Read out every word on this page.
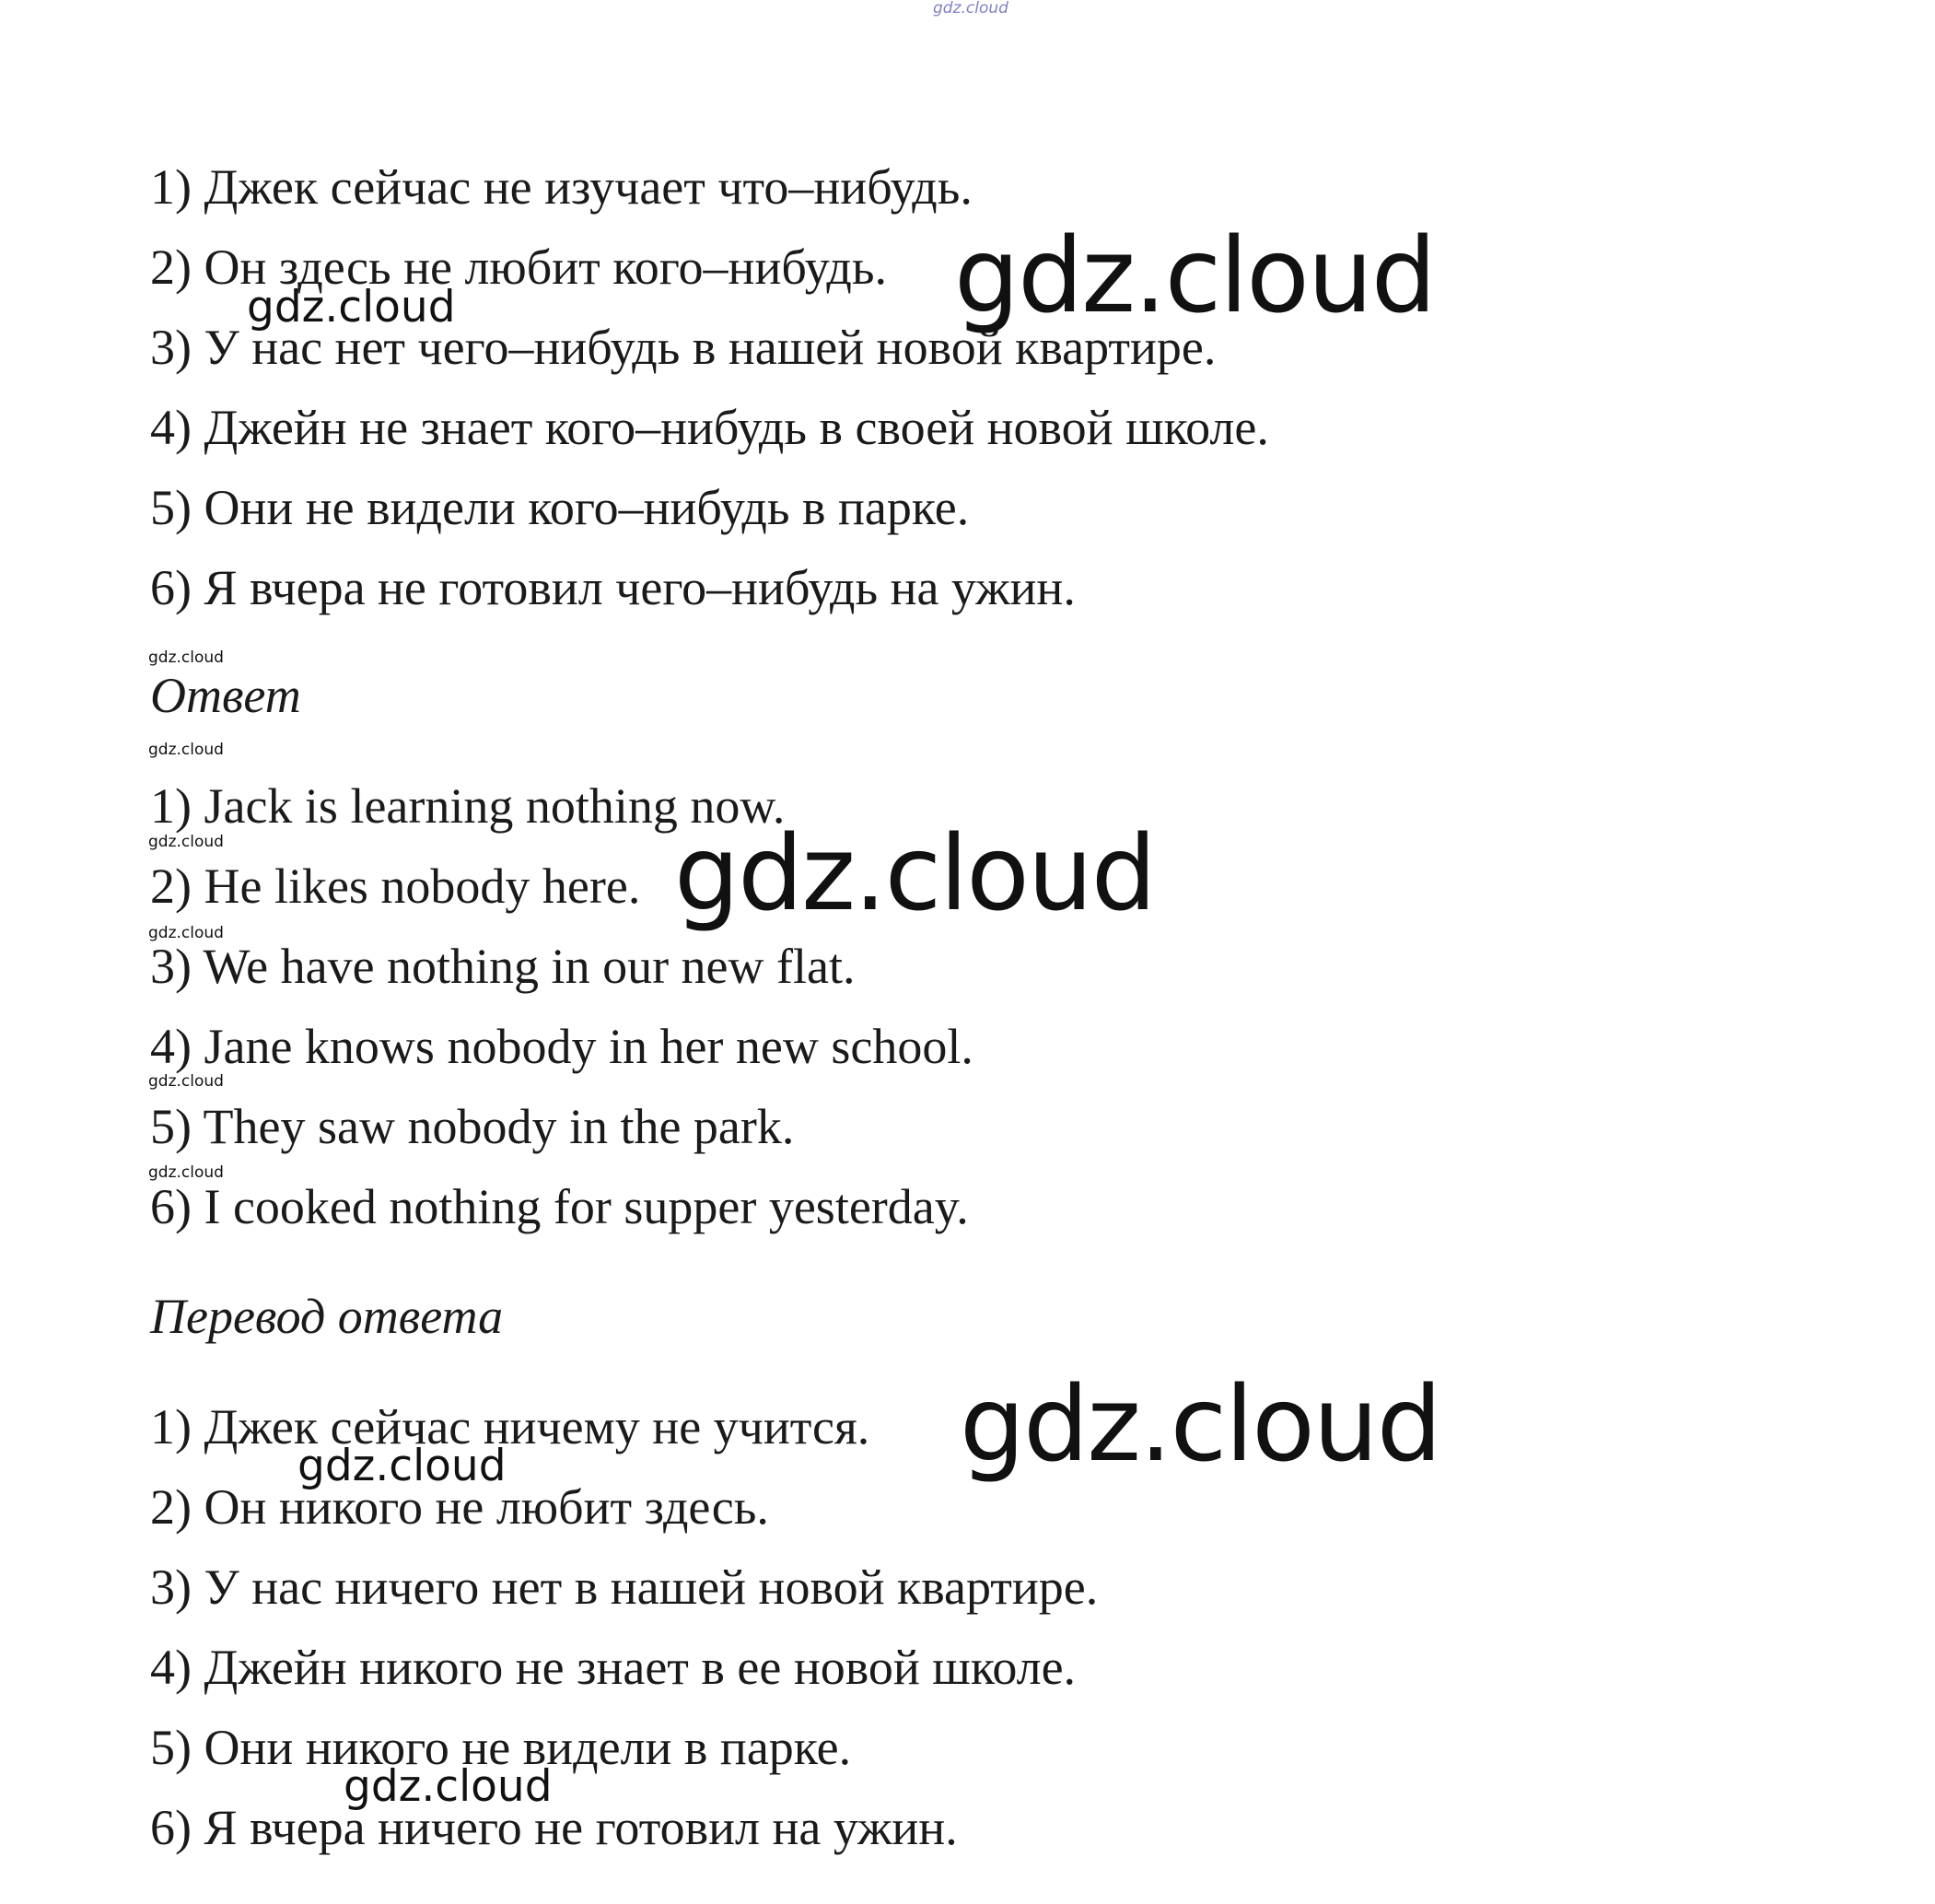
gdz.cloud
1) Джек сейчас не изучает что–нибудь.
2) Он здесь не любит кого–нибудь.
3) У нас нет чего–нибудь в нашей новой квартире.
4) Джейн не знает кого–нибудь в своей новой школе.
5) Они не видели кого–нибудь в парке.
6) Я вчера не готовил чего–нибудь на ужин.
gdz.cloud
gdz.cloud
gdz.cloud
Ответ
gdz.cloud
1) Jack is learning nothing now.
2) He likes nobody here.
3) We have nothing in our new flat.
4) Jane knows nobody in her new school.
5) They saw nobody in the park.
6) I cooked nothing for supper yesterday.
gdz.cloud	gdz.cloud
gdz.cloud
gdz.cloud
gdz.cloud
Перевод ответа
1) Джек сейчас ничему не учится.
2) Он никого не любит здесь.
3) У нас ничего нет в нашей новой квартире.
4) Джейн никого не знает в ее новой школе.
5) Они никого не видели в парке.
6) Я вчера ничего не готовил на ужин.
gdz.cloud
gdz.cloud
gdz.cloud
